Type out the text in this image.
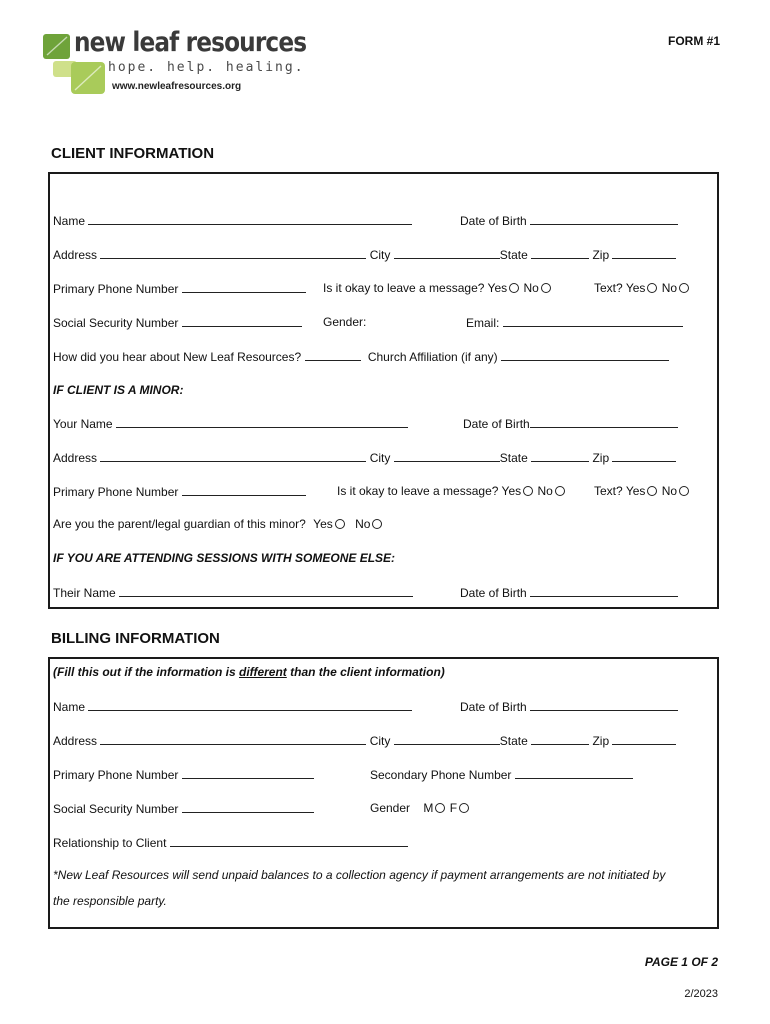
new leaf resources
hope. help. healing.
www.newleafresources.org
FORM #1
CLIENT INFORMATION
Name	Date of Birth
Address	City	State	Zip
Primary Phone Number	Is it okay to leave a message? Yes No	Text? Yes No
Social Security Number	Gender:	Email:
How did you hear about New Leaf Resources?	Church Affiliation (if any)
IF CLIENT IS A MINOR:
Your Name	Date of Birth
Address	City	State	Zip
Primary Phone Number	Is it okay to leave a message? Yes No	Text? Yes No
Are you the parent/legal guardian of this minor? Yes No
IF YOU ARE ATTENDING SESSIONS WITH SOMEONE ELSE:
Their Name	Date of Birth
BILLING INFORMATION
(Fill this out if the information is different than the client information)
Name	Date of Birth
Address	City	State	Zip
Primary Phone Number	Secondary Phone Number
Social Security Number	Gender M F
Relationship to Client
*New Leaf Resources will send unpaid balances to a collection agency if payment arrangements are not initiated by
the responsible party.
PAGE 1 OF 2
2/2023
